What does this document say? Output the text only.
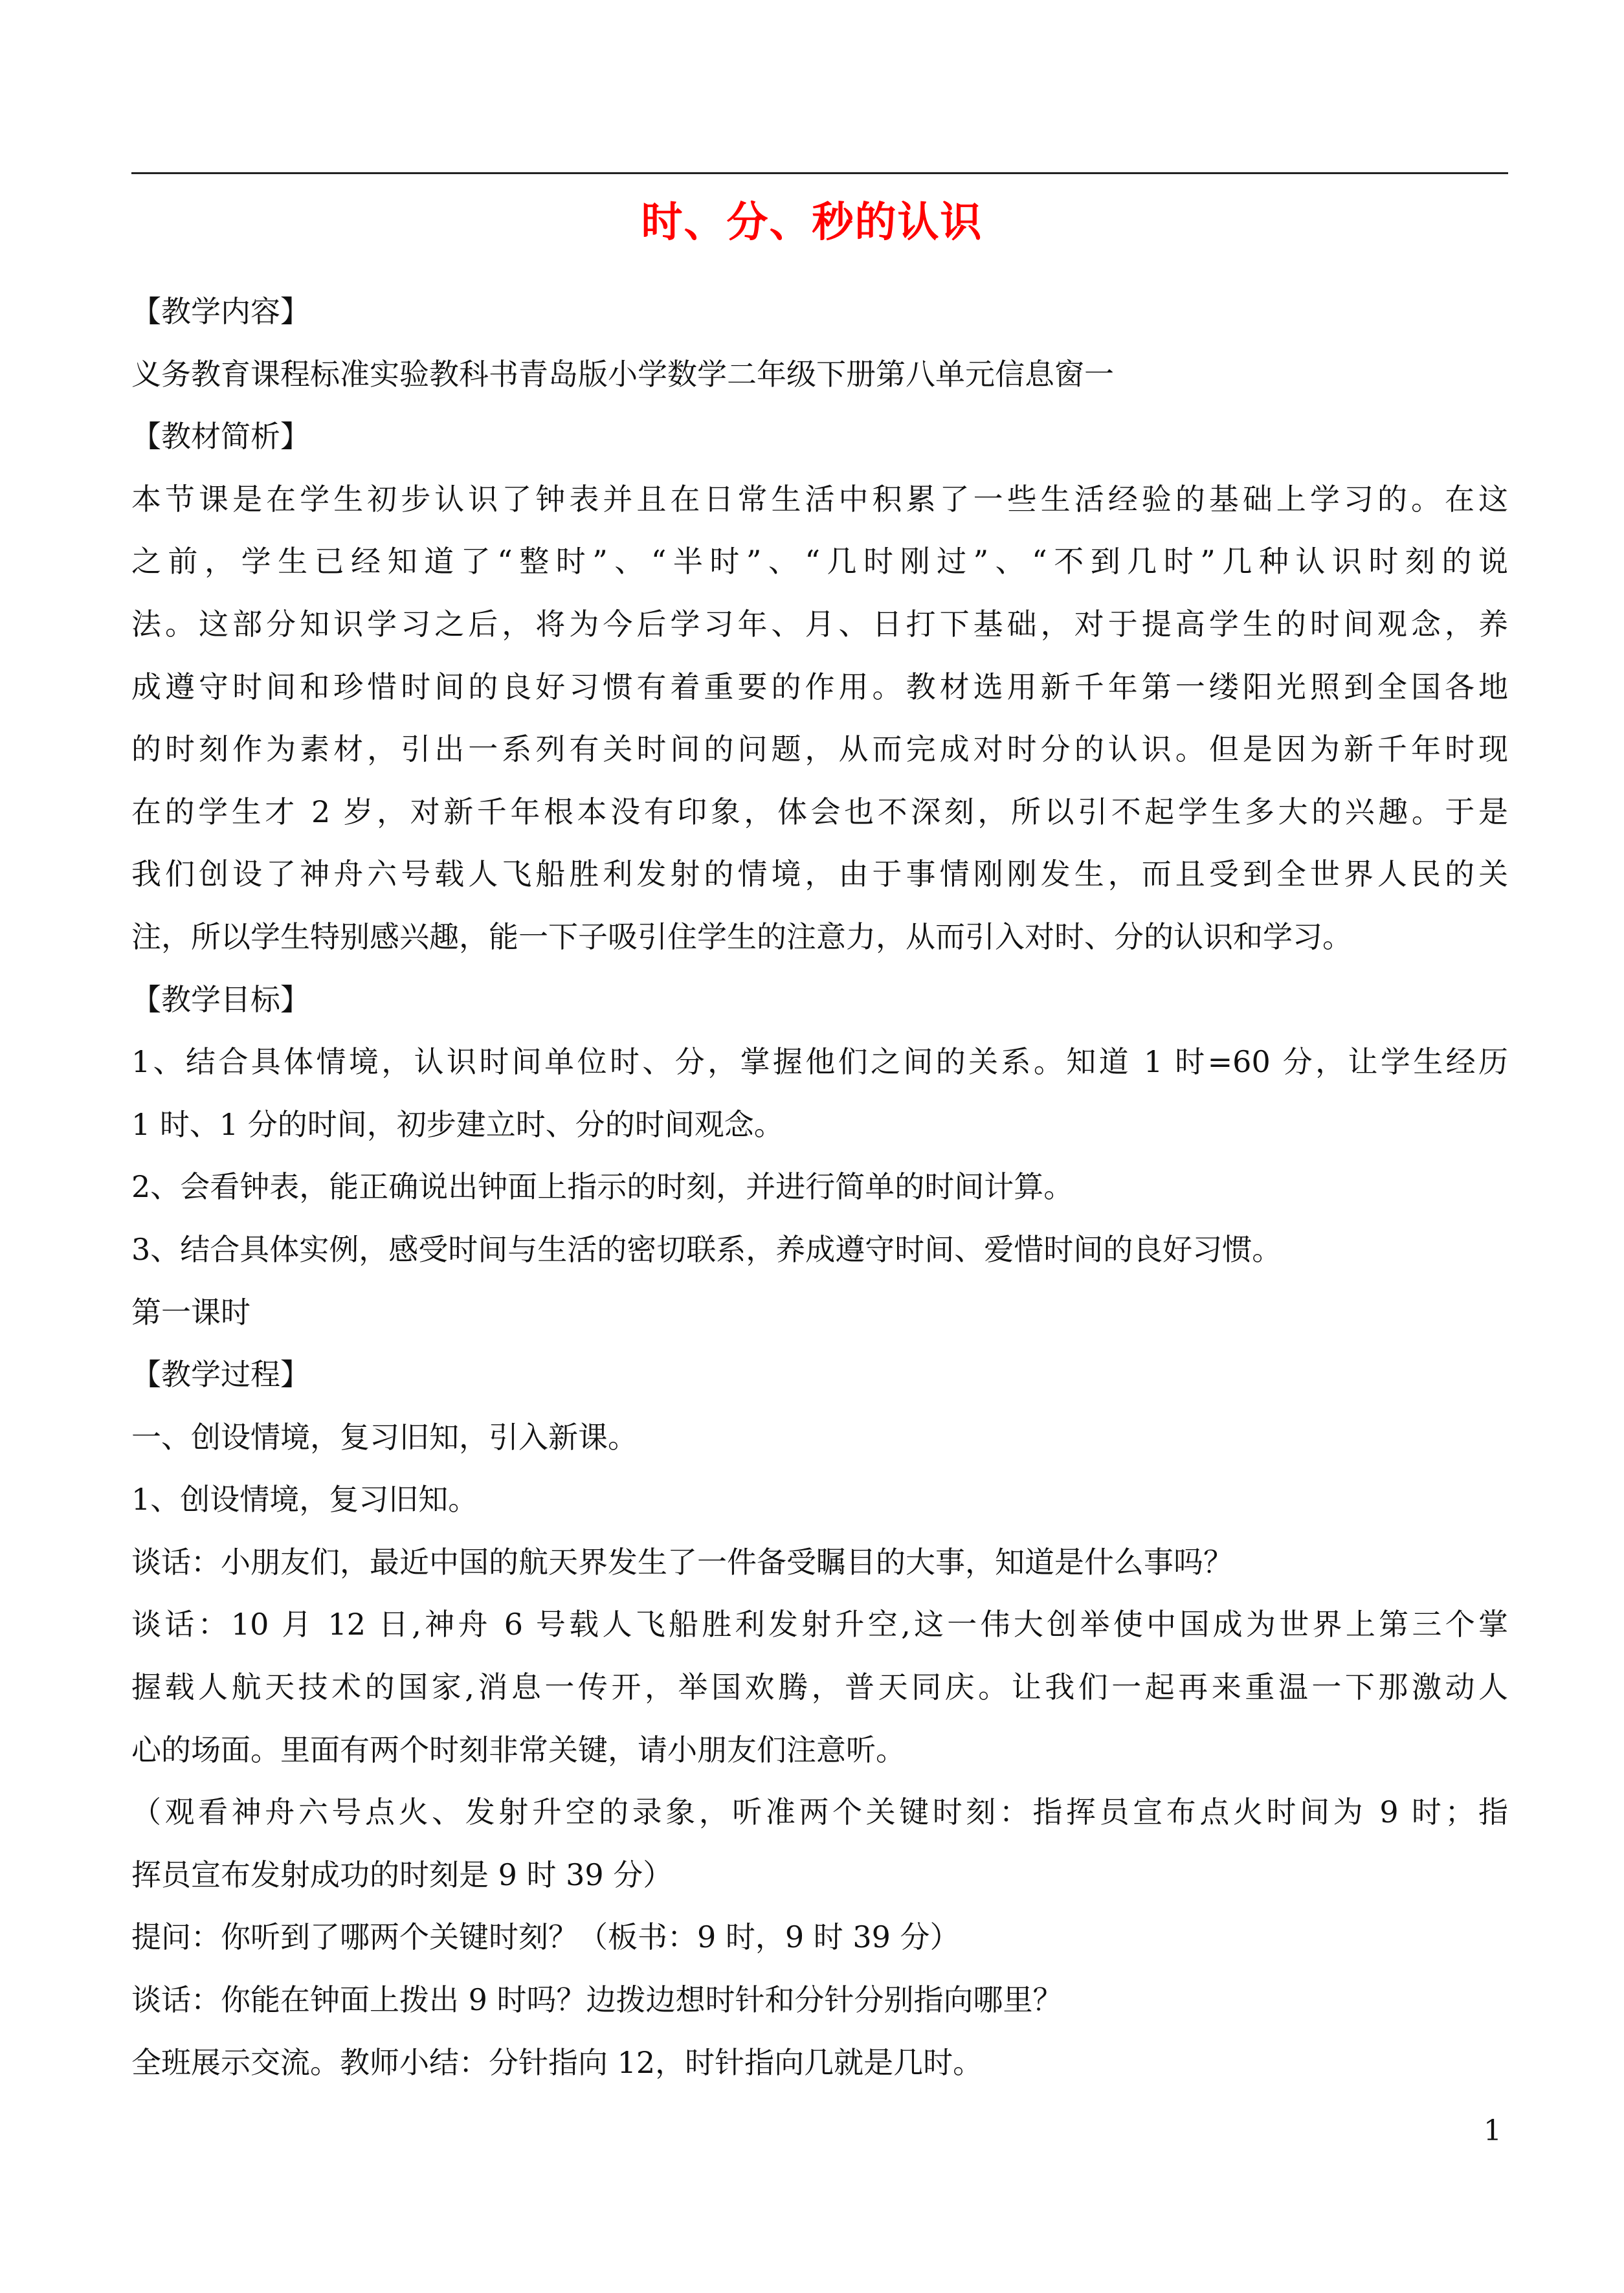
时、分、秒的认识

【教学内容】

义务教育课程标准实验教科书青岛版小学数学二年级下册第八单元信息窗一

【教材简析】

本节课是在学生初步认识了钟表并且在日常生活中积累了一些生活经验的基础上学习的。在这

之前，学生已经知道了“整时”、“半时”、“几时刚过”、“不到几时”几种认识时刻的说

法。这部分知识学习之后，将为今后学习年、月、日打下基础，对于提高学生的时间观念，养

成遵守时间和珍惜时间的良好习惯有着重要的作用。教材选用新千年第一缕阳光照到全国各地

的时刻作为素材，引出一系列有关时间的问题，从而完成对时分的认识。但是因为新千年时现

在的学生才 2 岁，对新千年根本没有印象，体会也不深刻，所以引不起学生多大的兴趣。于是

我们创设了神舟六号载人飞船胜利发射的情境，由于事情刚刚发生，而且受到全世界人民的关

注，所以学生特别感兴趣，能一下子吸引住学生的注意力，从而引入对时、分的认识和学习。

【教学目标】

1、结合具体情境，认识时间单位时、分，掌握他们之间的关系。知道 1 时=60 分，让学生经历

1 时、1 分的时间，初步建立时、分的时间观念。

2、会看钟表，能正确说出钟面上指示的时刻，并进行简单的时间计算。

3、结合具体实例，感受时间与生活的密切联系，养成遵守时间、爱惜时间的良好习惯。

第一课时

【教学过程】

一、创设情境，复习旧知，引入新课。

1、创设情境，复习旧知。

谈话：小朋友们，最近中国的航天界发生了一件备受瞩目的大事，知道是什么事吗？

谈话：10 月 12 日,神舟 6 号载人飞船胜利发射升空,这一伟大创举使中国成为世界上第三个掌

握载人航天技术的国家,消息一传开，举国欢腾，普天同庆。让我们一起再来重温一下那激动人

心的场面。里面有两个时刻非常关键，请小朋友们注意听。

（观看神舟六号点火、发射升空的录象，听准两个关键时刻：指挥员宣布点火时间为 9 时；指

挥员宣布发射成功的时刻是 9 时 39 分）

提问：你听到了哪两个关键时刻？（板书：9 时，9 时 39 分）

谈话：你能在钟面上拨出 9 时吗？边拨边想时针和分针分别指向哪里？

全班展示交流。教师小结：分针指向 12，时针指向几就是几时。

1
